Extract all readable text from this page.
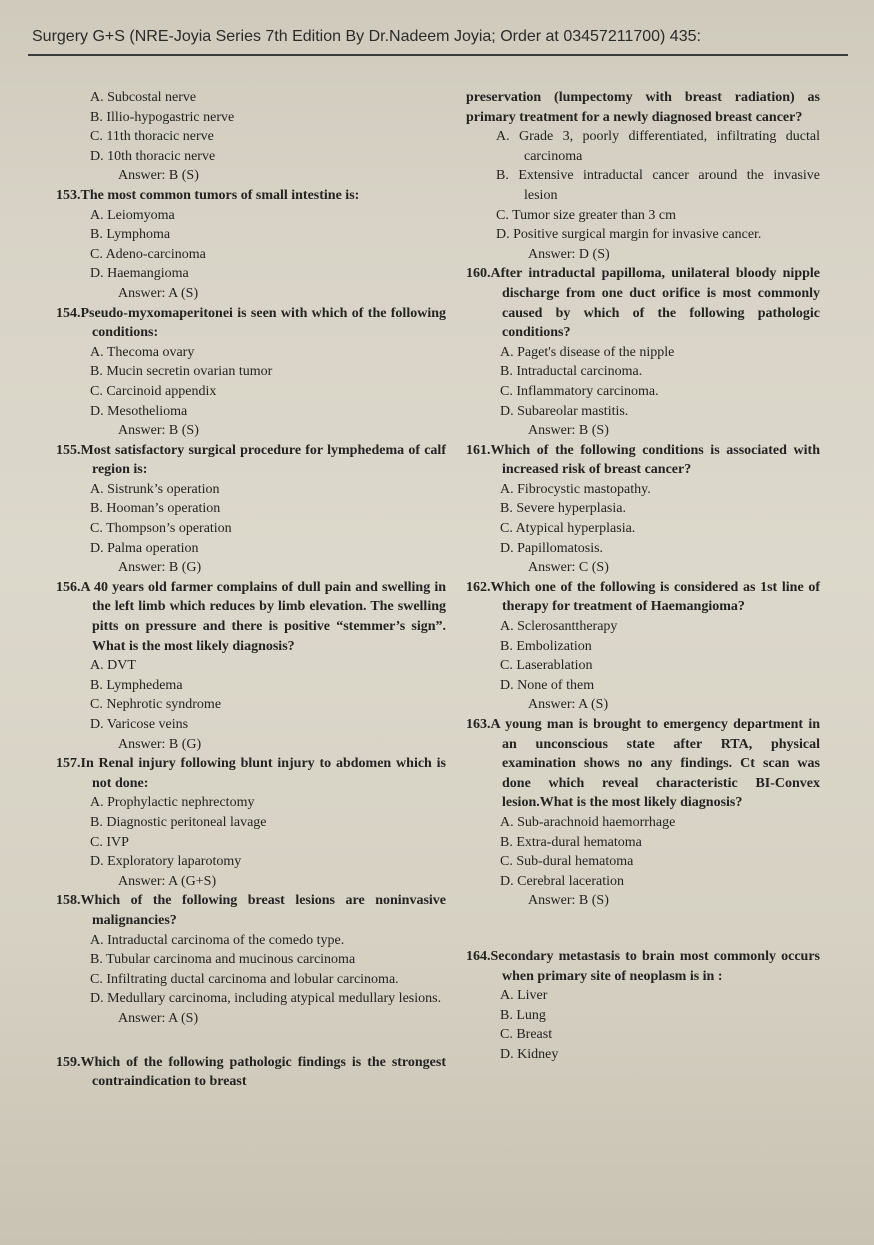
Surgery G+S (NRE-Joyia Series 7th Edition By Dr.Nadeem Joyia; Order at 03457211700) 435:
A. Subcostal nerve
B. Illio-hypogastric nerve
C. 11th thoracic nerve
D. 10th thoracic nerve
Answer: B (S)
153.The most common tumors of small intestine is:
A. Leiomyoma
B. Lymphoma
C. Adeno-carcinoma
D. Haemangioma
Answer: A (S)
154.Pseudo-myxomaperitonei is seen with which of the following conditions:
A. Thecoma ovary
B. Mucin secretin ovarian tumor
C. Carcinoid appendix
D. Mesothelioma
Answer: B (S)
155.Most satisfactory surgical procedure for lymphedema of calf region is:
A. Sistrunk’s operation
B. Hooman’s operation
C. Thompson’s operation
D. Palma operation
Answer: B (G)
156.A 40 years old farmer complains of dull pain and swelling in the left limb which reduces by limb elevation. The swelling pitts on pressure and there is positive “stemmer’s sign”. What is the most likely diagnosis?
A. DVT
B. Lymphedema
C. Nephrotic syndrome
D. Varicose veins
Answer: B (G)
157.In Renal injury following blunt injury to abdomen which is not done:
A. Prophylactic nephrectomy
B. Diagnostic peritoneal lavage
C. IVP
D. Exploratory laparotomy
Answer: A (G+S)
158.Which of the following breast lesions are noninvasive malignancies?
A. Intraductal carcinoma of the comedo type.
B. Tubular carcinoma and mucinous carcinoma
C. Infiltrating ductal carcinoma and lobular carcinoma.
D. Medullary carcinoma, including atypical medullary lesions.
Answer: A (S)
159.Which of the following pathologic findings is the strongest contraindication to breast
preservation (lumpectomy with breast radiation) as primary treatment for a newly diagnosed breast cancer?
A. Grade 3, poorly differentiated, infiltrating ductal carcinoma
B. Extensive intraductal cancer around the invasive lesion
C. Tumor size greater than 3 cm
D. Positive surgical margin for invasive cancer.
Answer: D (S)
160.After intraductal papilloma, unilateral bloody nipple discharge from one duct orifice is most commonly caused by which of the following pathologic conditions?
A. Paget's disease of the nipple
B. Intraductal carcinoma.
C. Inflammatory carcinoma.
D. Subareolar mastitis.
Answer: B (S)
161.Which of the following conditions is associated with increased risk of breast cancer?
A. Fibrocystic mastopathy.
B. Severe hyperplasia.
C. Atypical hyperplasia.
D. Papillomatosis.
Answer: C (S)
162.Which one of the following is considered as 1st line of therapy for treatment of Haemangioma?
A. Sclerosanttherapy
B. Embolization
C. Laserablation
D. None of them
Answer: A (S)
163.A young man is brought to emergency department in an unconscious state after RTA, physical examination shows no any findings. Ct scan was done which reveal characteristic BI-Convex lesion.What is the most likely diagnosis?
A. Sub-arachnoid haemorrhage
B. Extra-dural hematoma
C. Sub-dural hematoma
D. Cerebral laceration
Answer: B (S)
164.Secondary metastasis to brain most commonly occurs when primary site of neoplasm is in :
A. Liver
B. Lung
C. Breast
D. Kidney
